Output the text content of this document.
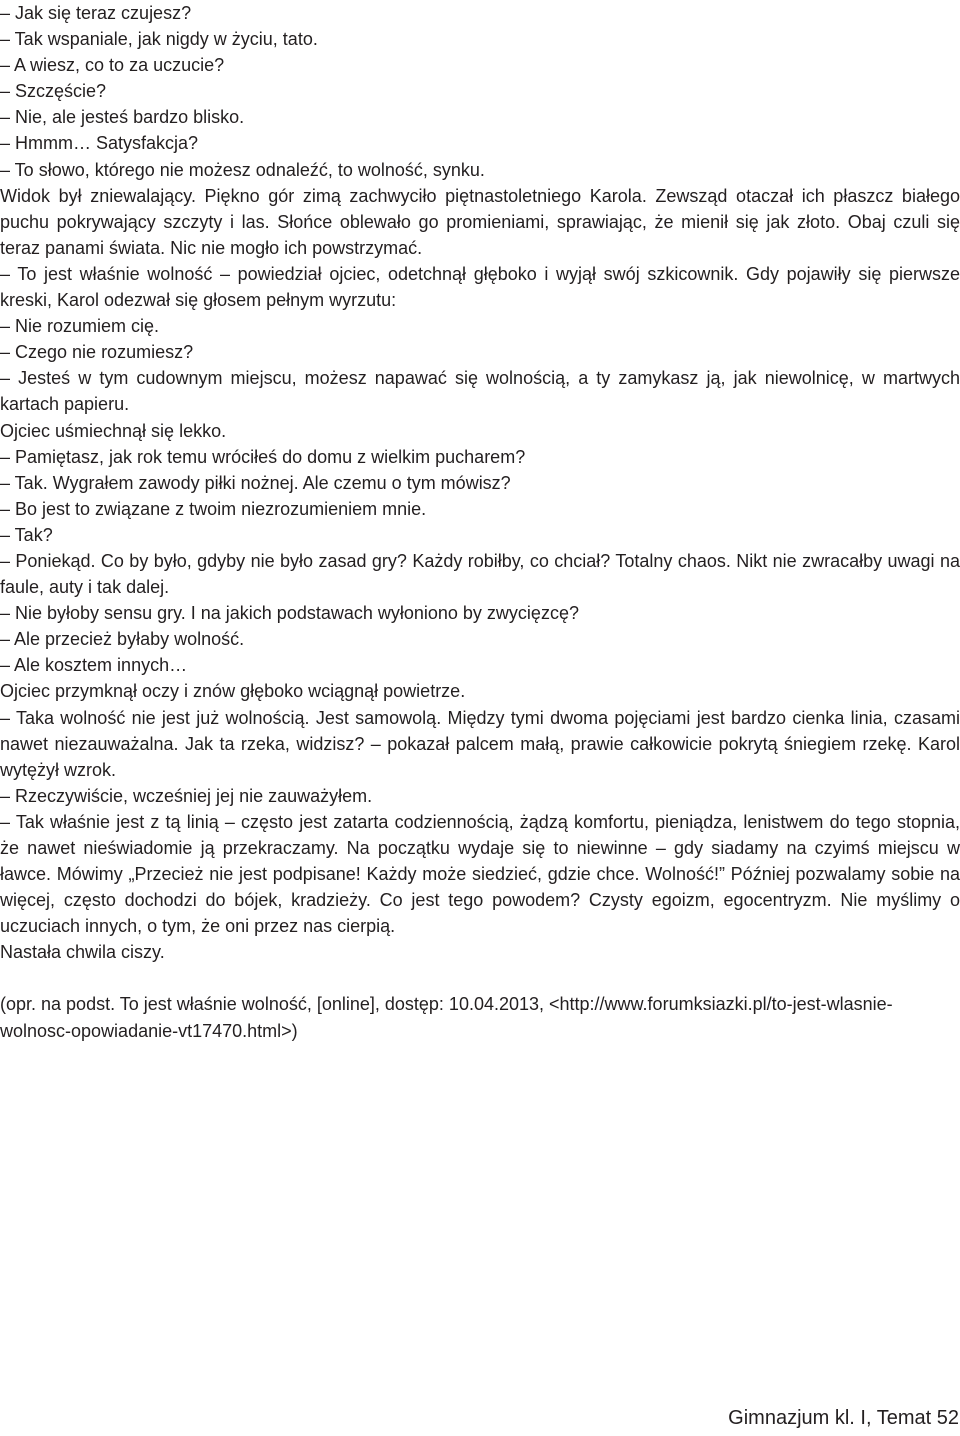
– Jak się teraz czujesz?

– Tak wspaniale, jak nigdy w życiu, tato.

– A wiesz, co to za uczucie?

– Szczęście?

– Nie, ale jesteś bardzo blisko.

– Hmmm… Satysfakcja?

– To słowo, którego nie możesz odnaleźć, to wolność, synku.

Widok był zniewalający. Piękno gór zimą zachwyciło piętnastoletniego Karola. Zewsząd otaczał ich płaszcz białego puchu pokrywający szczyty i las. Słońce oblewało go promieniami, sprawiając, że mienił się jak złoto. Obaj czuli się teraz panami świata. Nic nie mogło ich powstrzymać.

– To jest właśnie wolność – powiedział ojciec, odetchnął głęboko i wyjął swój szkicownik. Gdy pojawiły się pierwsze kreski, Karol odezwał się głosem pełnym wyrzutu:

– Nie rozumiem cię.

– Czego nie rozumiesz?

– Jesteś w tym cudownym miejscu, możesz napawać się wolnością, a ty zamykasz ją, jak niewolnicę, w martwych kartach papieru.

Ojciec uśmiechnął się lekko.

– Pamiętasz, jak rok temu wróciłeś do domu z wielkim pucharem?

– Tak. Wygrałem zawody piłki nożnej. Ale czemu o tym mówisz?

– Bo jest to związane z twoim niezrozumieniem mnie.

– Tak?

– Poniekąd. Co by było, gdyby nie było zasad gry? Każdy robiłby, co chciał? Totalny chaos. Nikt nie zwracałby uwagi na faule, auty i tak dalej.

– Nie byłoby sensu gry. I na jakich podstawach wyłoniono by zwycięzcę?

– Ale przecież byłaby wolność.

– Ale kosztem innych…

Ojciec przymknął oczy i znów głęboko wciągnął powietrze.

– Taka wolność nie jest już wolnością. Jest samowolą. Między tymi dwoma pojęciami jest bardzo cienka linia, czasami nawet niezauważalna. Jak ta rzeka, widzisz? – pokazał palcem małą, prawie całkowicie pokrytą śniegiem rzekę. Karol wytężył wzrok.

– Rzeczywiście, wcześniej jej nie zauważyłem.

– Tak właśnie jest z tą linią – często jest zatarta codziennością, żądzą komfortu, pieniądza, lenistwem do tego stopnia, że nawet nieświadomie ją przekraczamy. Na początku wydaje się to niewinne – gdy siadamy na czyimś miejscu w ławce. Mówimy „Przecież nie jest podpisane! Każdy może siedzieć, gdzie chce. Wolność!” Później pozwalamy sobie na więcej, często dochodzi do bójek, kradzieży. Co jest tego powodem? Czysty egoizm, egocentryzm. Nie myślimy o uczuciach innych, o tym, że oni przez nas cierpią.

Nastała chwila ciszy.

(opr. na podst. To jest właśnie wolność, [online], dostęp: 10.04.2013, <http://www.forumksiazki.pl/to-jest-wlasnie-wolnosc-opowiadanie-vt17470.html>)

Gimnazjum kl. I, Temat 52
